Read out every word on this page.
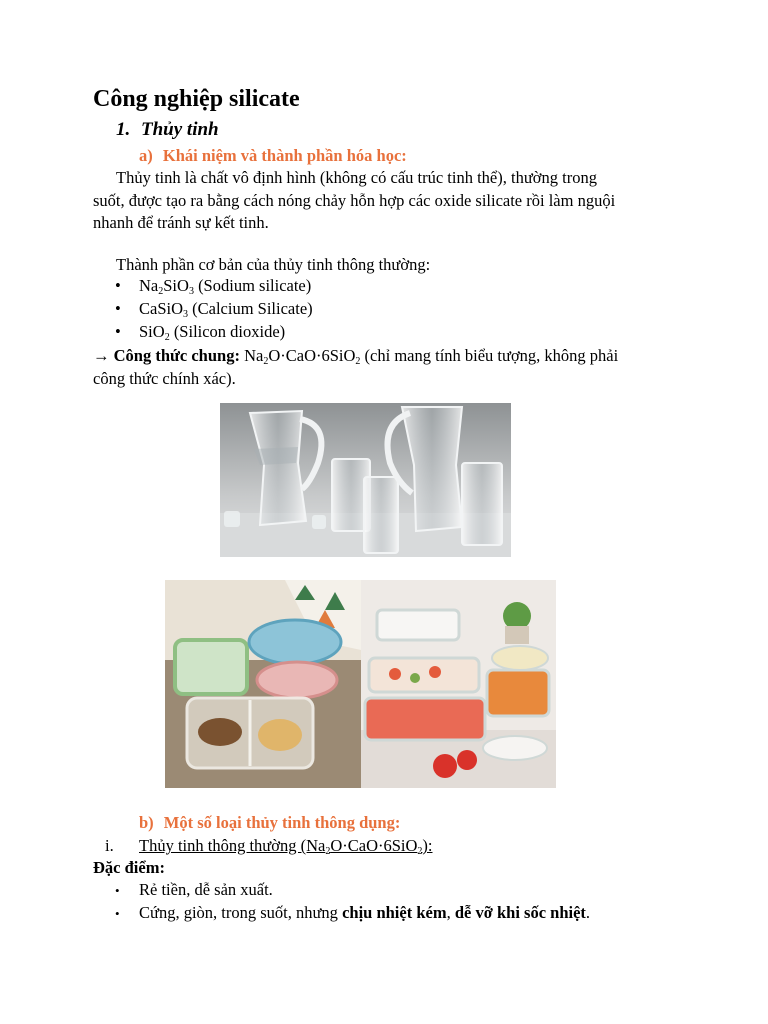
Công nghiệp silicate
1. Thủy tinh
a) Khái niệm và thành phần hóa học:
Thủy tinh là chất vô định hình (không có cấu trúc tinh thể), thường trong
suốt, được tạo ra bằng cách nóng chảy hỗn hợp các oxide silicate rồi làm nguội
nhanh để tránh sự kết tinh.
Thành phần cơ bản của thủy tinh thông thường:
• $Na_2SiO_3$ (Sodium silicate)
• CaSiO$_3$ (Calcium Silicate)
• SiO$_2$ (Silicon dioxide)
→ Công thức chung: $Na_2O\cdot CaO\cdot 6SiO_2$ (chỉ mang tính biểu tượng, không phải
công thức chính xác).
b) Một số loại thủy tinh thông dụng:
i. Thủy tinh thông thường $(Na_2O\cdot CaO\cdot 6SiO_2)$:
Đặc điểm:
• Rẻ tiền, dễ sản xuất.
• Cứng, giòn, trong suốt, nhưng chịu nhiệt kém, dễ vỡ khi sốc nhiệt.
